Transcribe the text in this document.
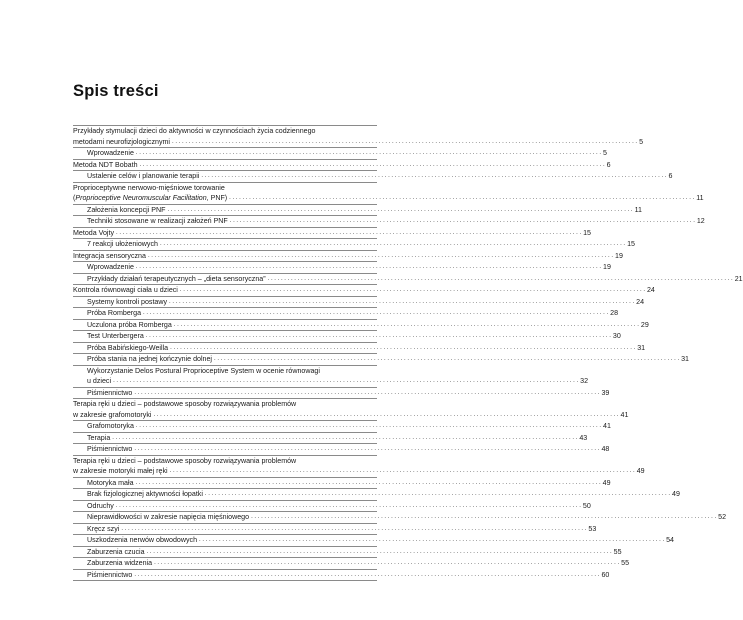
Spis treści
Przykłady stymulacji dzieci do aktywności w czynnościach życia codziennego
metodami neurofizjologicznymi . . .	5
Wprowadzenie . . .	5
Metoda NDT Bobath . . .	6
Ustalenie celów i planowanie terapii . . .	6
Proprioceptywne nerwowo-mięśniowe torowanie
(Proprioceptive Neuromuscular Facilitation, PNF) . . .	11
Założenia koncepcji PNF . . .	11
Techniki stosowane w realizacji założeń PNF . . .	12
Metoda Vojty . . .	15
7 reakcji ułożeniowych . . .	15
Integracja sensoryczna . . .	19
Wprowadzenie . . .	19
Przykłady działań terapeutycznych – „dieta sensoryczna” . . .	21
Kontrola równowagi ciała u dzieci . . .	24
Systemy kontroli postawy . . .	24
Próba Romberga . . .	28
Uczulona próba Romberga . . .	29
Test Unterbergera . . .	30
Próba Babińskiego-Weilla . . .	31
Próba stania na jednej kończynie dolnej . . .	31
Wykorzystanie Delos Postural Proprioceptive System w ocenie równowagi
u dzieci . . .	32
Piśmiennictwo . . .	39
Terapia ręki u dzieci – podstawowe sposoby rozwiązywania problemów
w zakresie grafomotoryki . . .	41
Grafomotoryka . . .	41
Terapia . . .	43
Piśmiennictwo . . .	48
Terapia ręki u dzieci – podstawowe sposoby rozwiązywania problemów
w zakresie motoryki małej ręki . . .	49
Motoryka mała . . .	49
Brak fizjologicznej aktywności łopatki . . .	49
Odruchy . . .	50
Nieprawidłowości w zakresie napięcia mięśniowego . . .	52
Kręcz szyi . . .	53
Uszkodzenia nerwów obwodowych . . .	54
Zaburzenia czucia . . .	55
Zaburzenia widzenia . . .	55
Piśmiennictwo . . .	60
